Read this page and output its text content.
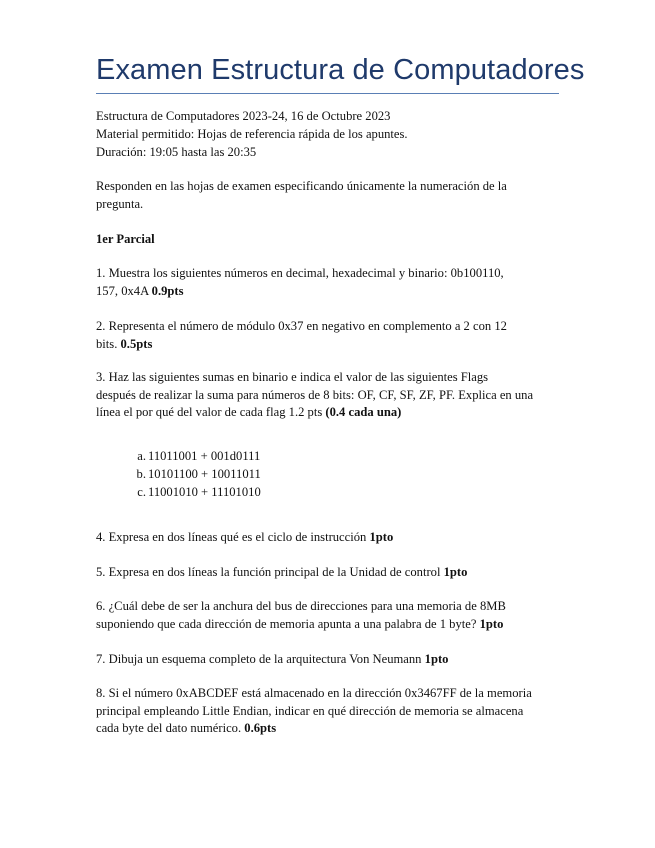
Examen Estructura de Computadores
Estructura de Computadores 2023-24, 16 de Octubre 2023
Material permitido: Hojas de referencia rápida de los apuntes.
Duración: 19:05 hasta las 20:35
Responden en las hojas de examen especificando únicamente la numeración de la
pregunta.
1er Parcial
1. Muestra los siguientes números en decimal, hexadecimal y binario: 0b100110,
157, 0x4A 0.9pts
2. Representa el número de módulo 0x37 en negativo en complemento a 2 con 12
bits. 0.5pts
3. Haz las siguientes sumas en binario e indica el valor de las siguientes Flags
después de realizar la suma para números de 8 bits: OF, CF, SF, ZF, PF. Explica en una
línea el por qué del valor de cada flag 1.2 pts (0.4 cada una)
a. 11011001 + 001d0111
b. 10101100 + 10011011
c. 11001010 + 11101010
4. Expresa en dos líneas qué es el ciclo de instrucción 1pto
5. Expresa en dos líneas la función principal de la Unidad de control 1pto
6. ¿Cuál debe de ser la anchura del bus de direcciones para una memoria de 8MB
suponiendo que cada dirección de memoria apunta a una palabra de 1 byte? 1pto
7. Dibuja un esquema completo de la arquitectura Von Neumann 1pto
8. Si el número 0xABCDEF está almacenado en la dirección 0x3467FF de la memoria
principal empleando Little Endian, indicar en qué dirección de memoria se almacena
cada byte del dato numérico. 0.6pts
